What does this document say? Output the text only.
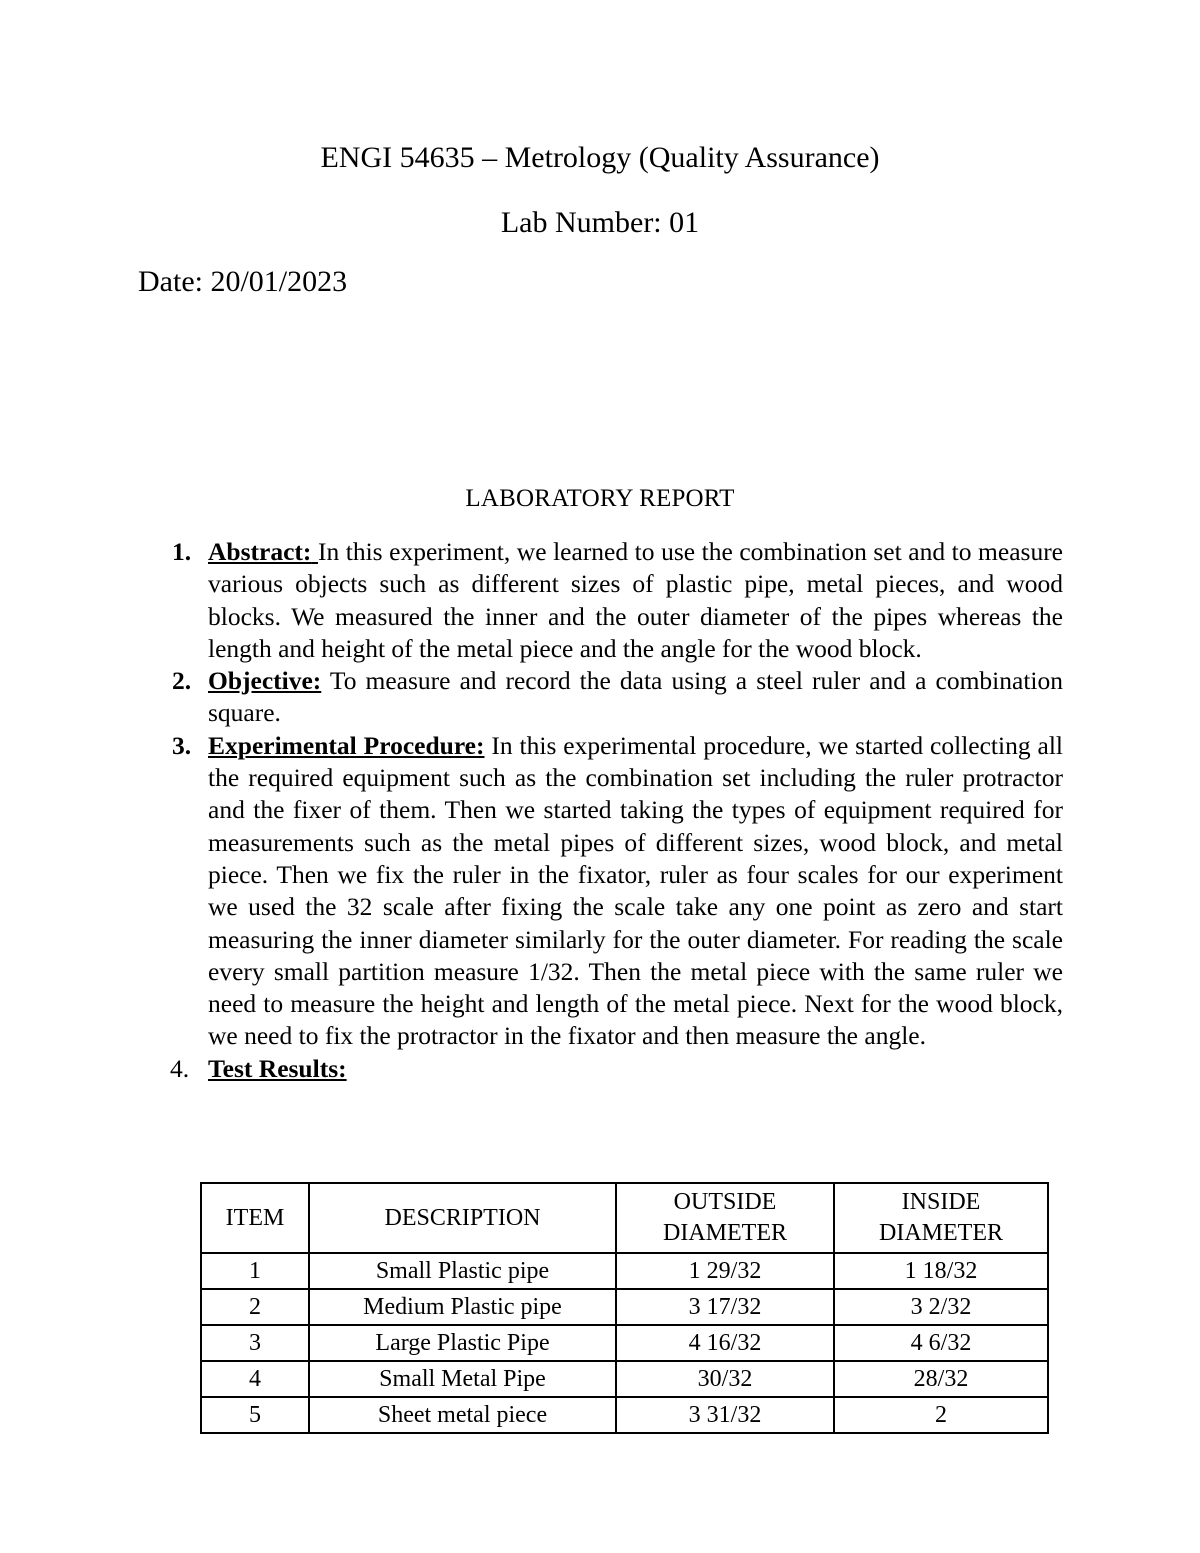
ENGI 54635 – Metrology (Quality Assurance)
Lab Number: 01
Date: 20/01/2023
LABORATORY REPORT
1. Abstract: In this experiment, we learned to use the combination set and to measure various objects such as different sizes of plastic pipe, metal pieces, and wood blocks. We measured the inner and the outer diameter of the pipes whereas the length and height of the metal piece and the angle for the wood block.
2. Objective: To measure and record the data using a steel ruler and a combination square.
3. Experimental Procedure: In this experimental procedure, we started collecting all the required equipment such as the combination set including the ruler protractor and the fixer of them. Then we started taking the types of equipment required for measurements such as the metal pipes of different sizes, wood block, and metal piece. Then we fix the ruler in the fixator, ruler as four scales for our experiment we used the 32 scale after fixing the scale take any one point as zero and start measuring the inner diameter similarly for the outer diameter. For reading the scale every small partition measure 1/32. Then the metal piece with the same ruler we need to measure the height and length of the metal piece. Next for the wood block, we need to fix the protractor in the fixator and then measure the angle.
4. Test Results:
ITEM	DESCRIPTION	OUTSIDE DIAMETER	INSIDE DIAMETER
1	Small Plastic pipe	1 29/32	1 18/32
2	Medium Plastic pipe	3 17/32	3 2/32
3	Large Plastic Pipe	4 16/32	4 6/32
4	Small Metal Pipe	30/32	28/32
5	Sheet metal piece	3 31/32	2
